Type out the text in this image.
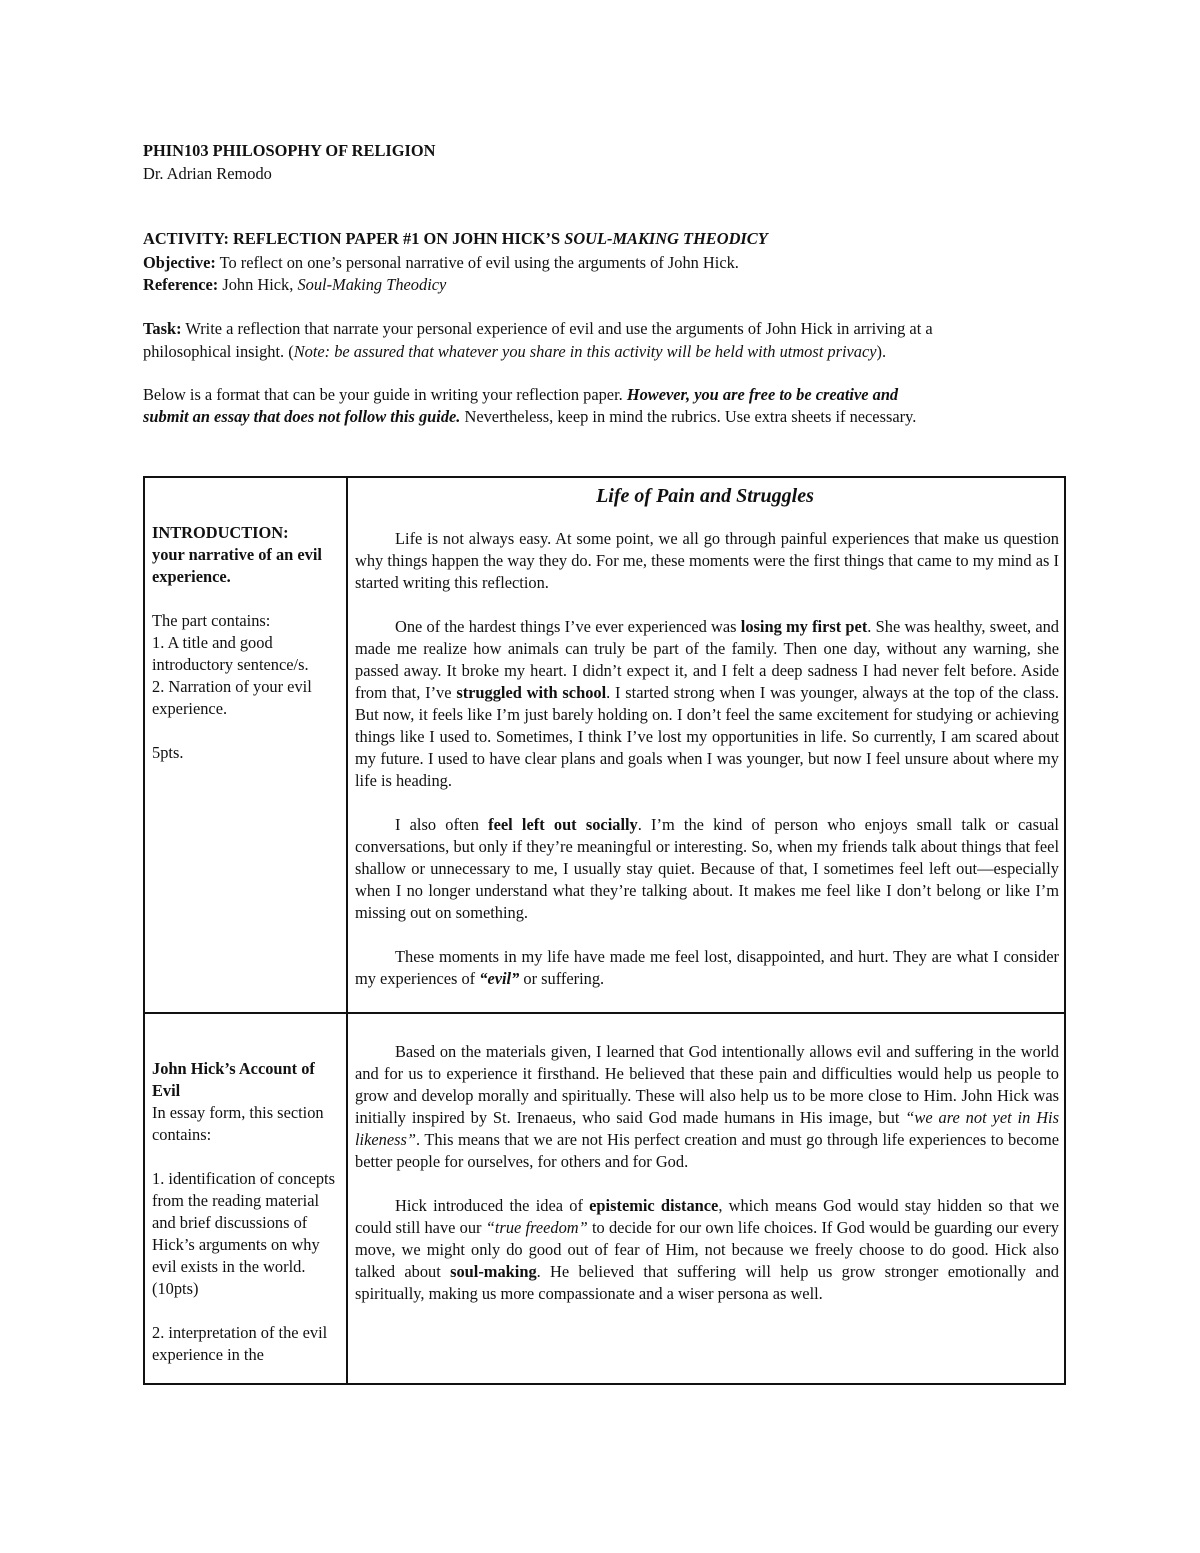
PHIN103 PHILOSOPHY OF RELIGION
Dr. Adrian Remodo
ACTIVITY: REFLECTION PAPER #1 ON JOHN HICK’S SOUL-MAKING THEODICY
Objective: To reflect on one’s personal narrative of evil using the arguments of John Hick.
Reference: John Hick, Soul-Making Theodicy
Task: Write a reflection that narrate your personal experience of evil and use the arguments of John Hick in arriving at a
philosophical insight. (Note: be assured that whatever you share in this activity will be held with utmost privacy).
Below is a format that can be your guide in writing your reflection paper. However, you are free to be creative and
submit an essay that does not follow this guide. Nevertheless, keep in mind the rubrics. Use extra sheets if necessary.

INTRODUCTION:

your narrative of an evil experience.

The part contains:

1. A title and good introductory sentence/s.

2. Narration of your evil experience.

5pts.

Life of Pain and Struggles

Life is not always easy. At some point, we all go through painful experiences that make us question why things happen the way they do. For me, these moments were the first things that came to my mind as I started writing this reflection.

One of the hardest things I’ve ever experienced was losing my first pet. She was healthy, sweet, and made me realize how animals can truly be part of the family. Then one day, without any warning, she passed away. It broke my heart. I didn’t expect it, and I felt a deep sadness I had never felt before. Aside from that, I’ve struggled with school. I started strong when I was younger, always at the top of the class. But now, it feels like I’m just barely holding on. I don’t feel the same excitement for studying or achieving things like I used to. Sometimes, I think I’ve lost my opportunities in life. So currently, I am scared about my future. I used to have clear plans and goals when I was younger, but now I feel unsure about where my life is heading.

I also often feel left out socially. I’m the kind of person who enjoys small talk or casual conversations, but only if they’re meaningful or interesting. So, when my friends talk about things that feel shallow or unnecessary to me, I usually stay quiet. Because of that, I sometimes feel left out—especially when I no longer understand what they’re talking about. It makes me feel like I don’t belong or like I’m missing out on something.

These moments in my life have made me feel lost, disappointed, and hurt. They are what I consider my experiences of “evil” or suffering.

John Hick’s Account of Evil

In essay form, this section contains:

1. identification of concepts from the reading material and brief discussions of Hick’s arguments on why evil exists in the world. (10pts)

2. interpretation of the evil experience in the

Based on the materials given, I learned that God intentionally allows evil and suffering in the world and for us to experience it firsthand. He believed that these pain and difficulties would help us people to grow and develop morally and spiritually. These will also help us to be more close to Him. John Hick was initially inspired by St. Irenaeus, who said God made humans in His image, but “we are not yet in His likeness”. This means that we are not His perfect creation and must go through life experiences to become better people for ourselves, for others and for God.

Hick introduced the idea of epistemic distance, which means God would stay hidden so that we could still have our “true freedom” to decide for our own life choices. If God would be guarding our every move, we might only do good out of fear of Him, not because we freely choose to do good. Hick also talked about soul-making. He believed that suffering will help us grow stronger emotionally and spiritually, making us more compassionate and a wiser persona as well.
